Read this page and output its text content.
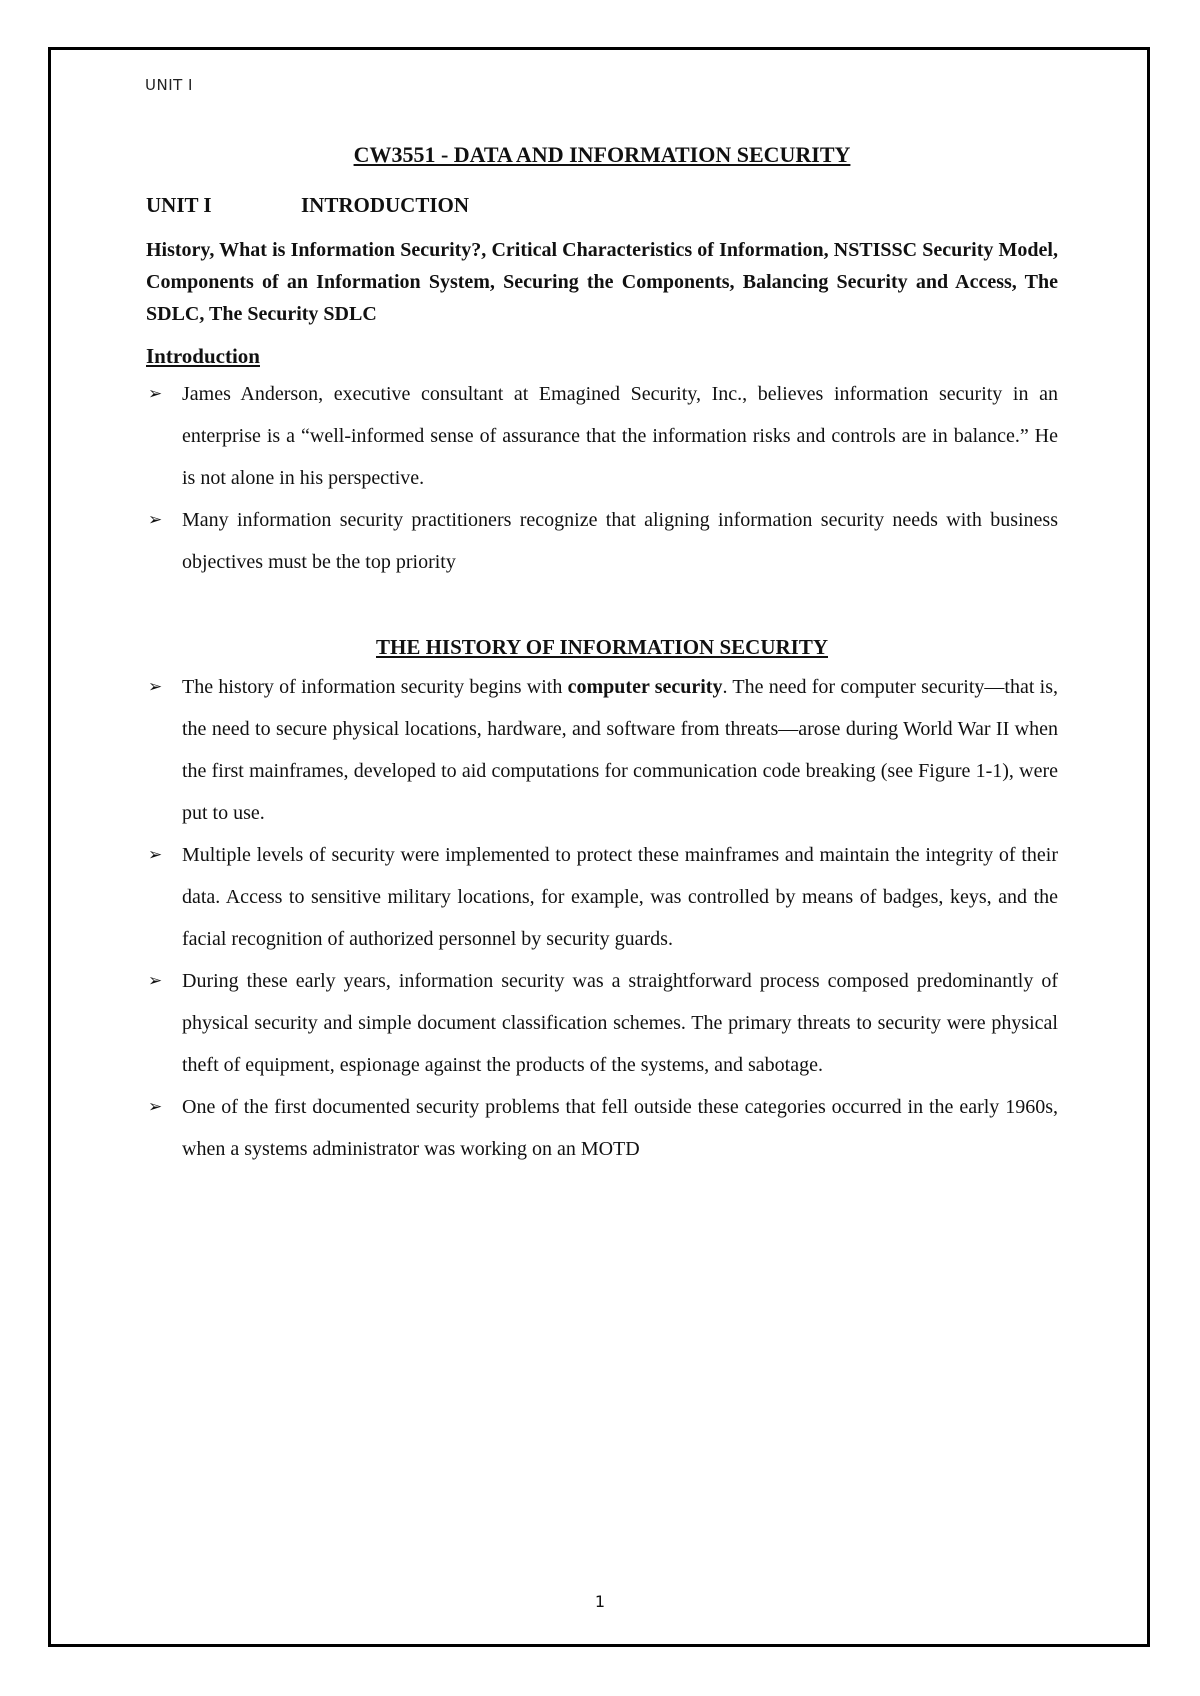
UNIT I
CW3551 - DATA AND INFORMATION SECURITY
UNIT I	INTRODUCTION

History, What is Information Security?, Critical Characteristics of Information, NSTISSC Security Model, Components of an Information System, Securing the Components, Balancing Security and Access, The SDLC, The Security SDLC

Introduction
➢ James Anderson, executive consultant at Emagined Security, Inc., believes information security in an enterprise is a “well-informed sense of assurance that the information risks and controls are in balance.” He is not alone in his perspective.
➢ Many information security practitioners recognize that aligning information security needs with business objectives must be the top priority
THE HISTORY OF INFORMATION SECURITY
➢ The history of information security begins with computer security. The need for computer security—that is, the need to secure physical locations, hardware, and software from threats—arose during World War II when the first mainframes, developed to aid computations for communication code breaking (see Figure 1-1), were put to use.
➢ Multiple levels of security were implemented to protect these mainframes and maintain the integrity of their data. Access to sensitive military locations, for example, was controlled by means of badges, keys, and the facial recognition of authorized personnel by security guards.
➢ During these early years, information security was a straightforward process composed predominantly of physical security and simple document classification schemes. The primary threats to security were physical theft of equipment, espionage against the products of the systems, and sabotage.
➢ One of the first documented security problems that fell outside these categories occurred in the early 1960s, when a systems administrator was working on an MOTD
1
